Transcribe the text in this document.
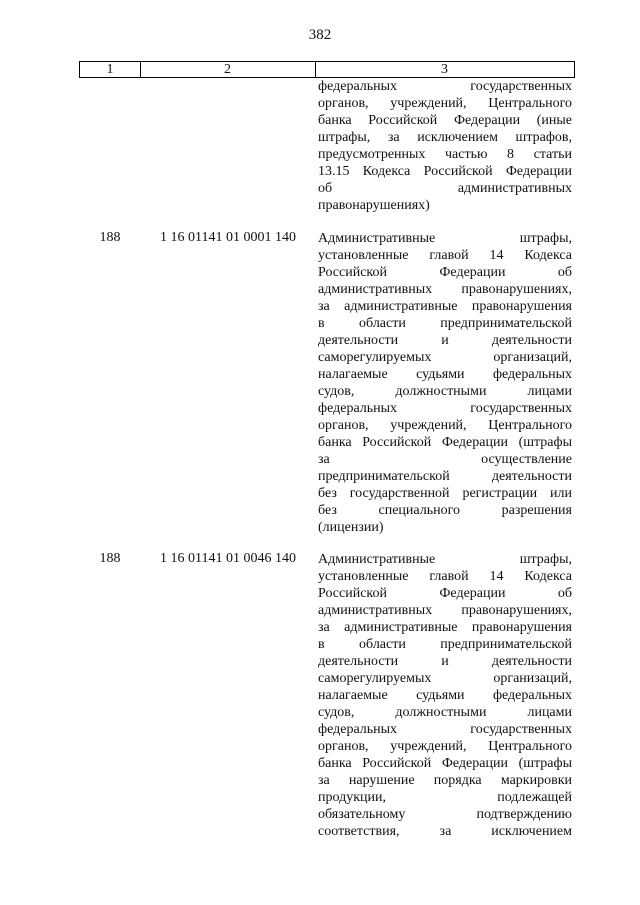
382
1	2	3
федеральных государственных
органов, учреждений, Центрального
банка Российской Федерации (иные
штрафы, за исключением штрафов,
предусмотренных частью 8 статьи
13.15 Кодекса Российской Федерации
об административных
правонарушениях)
188	1 16 01141 01 0001 140	Административные штрафы,
установленные главой 14 Кодекса
Российской Федерации об
административных правонарушениях,
за административные правонарушения
в области предпринимательской
деятельности и деятельности
саморегулируемых организаций,
налагаемые судьями федеральных
судов, должностными лицами
федеральных государственных
органов, учреждений, Центрального
банка Российской Федерации (штрафы
за осуществление
предпринимательской деятельности
без государственной регистрации или
без специального разрешения
(лицензии)
188	1 16 01141 01 0046 140	Административные штрафы,
установленные главой 14 Кодекса
Российской Федерации об
административных правонарушениях,
за административные правонарушения
в области предпринимательской
деятельности и деятельности
саморегулируемых организаций,
налагаемые судьями федеральных
судов, должностными лицами
федеральных государственных
органов, учреждений, Центрального
банка Российской Федерации (штрафы
за нарушение порядка маркировки
продукции, подлежащей
обязательному подтверждению
соответствия, за исключением
